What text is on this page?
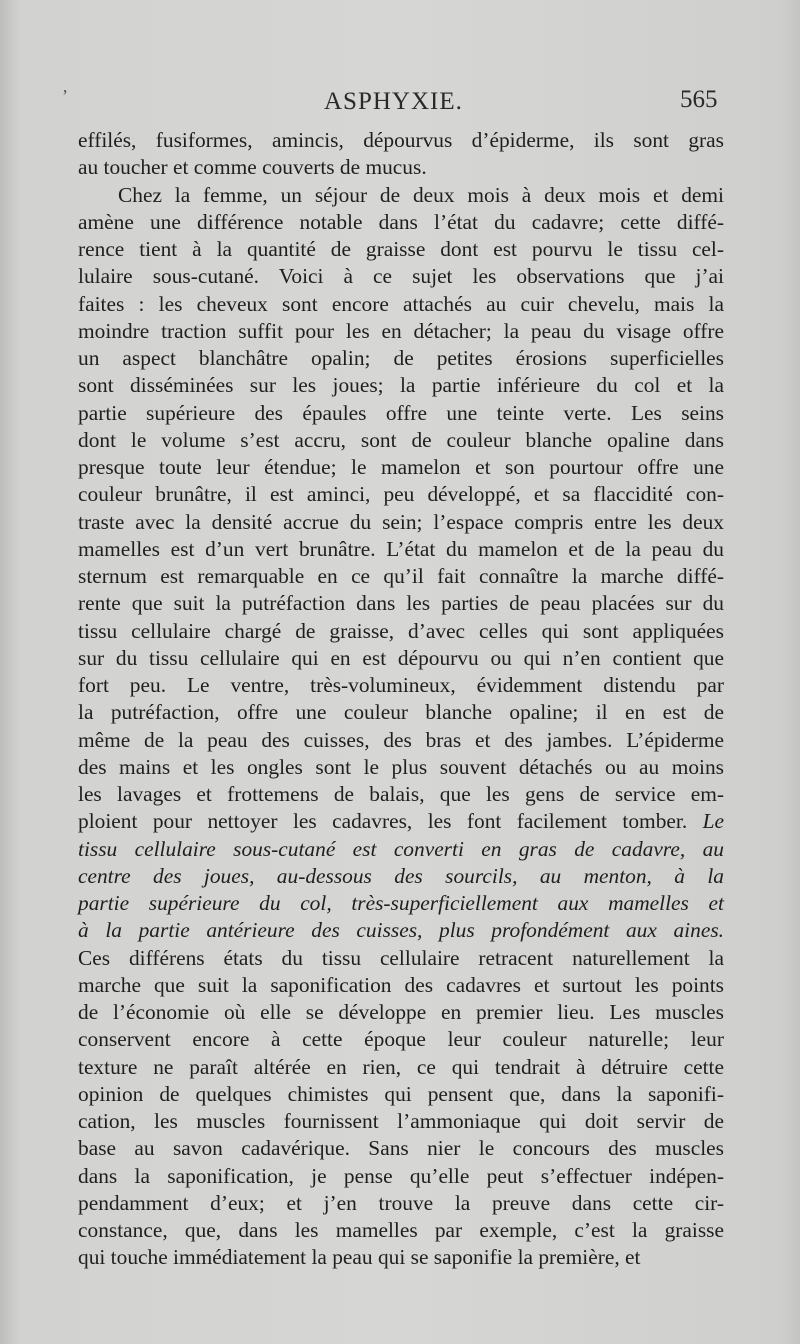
ʼ	ASPHYXIE.	565
effilés, fusiformes, amincis, dépourvus d’épiderme, ils sont gras
au toucher et comme couverts de mucus.
Chez la femme, un séjour de deux mois à deux mois et demi
amène une différence notable dans l’état du cadavre; cette diffé-
rence tient à la quantité de graisse dont est pourvu le tissu cel-
lulaire sous-cutané. Voici à ce sujet les observations que j’ai
faites : les cheveux sont encore attachés au cuir chevelu, mais la
moindre traction suffit pour les en détacher; la peau du visage offre
un aspect blanchâtre opalin; de petites érosions superficielles
sont disséminées sur les joues; la partie inférieure du col et la
partie supérieure des épaules offre une teinte verte. Les seins
dont le volume s’est accru, sont de couleur blanche opaline dans
presque toute leur étendue; le mamelon et son pourtour offre une
couleur brunâtre, il est aminci, peu développé, et sa flaccidité con-
traste avec la densité accrue du sein; l’espace compris entre les deux
mamelles est d’un vert brunâtre. L’état du mamelon et de la peau du
sternum est remarquable en ce qu’il fait connaître la marche diffé-
rente que suit la putréfaction dans les parties de peau placées sur du
tissu cellulaire chargé de graisse, d’avec celles qui sont appliquées
sur du tissu cellulaire qui en est dépourvu ou qui n’en contient que
fort peu. Le ventre, très-volumineux, évidemment distendu par
la putréfaction, offre une couleur blanche opaline; il en est de
même de la peau des cuisses, des bras et des jambes. L’épiderme
des mains et les ongles sont le plus souvent détachés ou au moins
les lavages et frottemens de balais, que les gens de service em-
ploient pour nettoyer les cadavres, les font facilement tomber. Le
tissu cellulaire sous-cutané est converti en gras de cadavre, au
centre des joues, au-dessous des sourcils, au menton, à la
partie supérieure du col, très-superficiellement aux mamelles et
à la partie antérieure des cuisses, plus profondément aux aines.
Ces différens états du tissu cellulaire retracent naturellement la
marche que suit la saponification des cadavres et surtout les points
de l’économie où elle se développe en premier lieu. Les muscles
conservent encore à cette époque leur couleur naturelle; leur
texture ne paraît altérée en rien, ce qui tendrait à détruire cette
opinion de quelques chimistes qui pensent que, dans la saponifi-
cation, les muscles fournissent l’ammoniaque qui doit servir de
base au savon cadavérique. Sans nier le concours des muscles
dans la saponification, je pense qu’elle peut s’effectuer indépen-
pendamment d’eux; et j’en trouve la preuve dans cette cir-
constance, que, dans les mamelles par exemple, c’est la graisse
qui touche immédiatement la peau qui se saponifie la première, et
